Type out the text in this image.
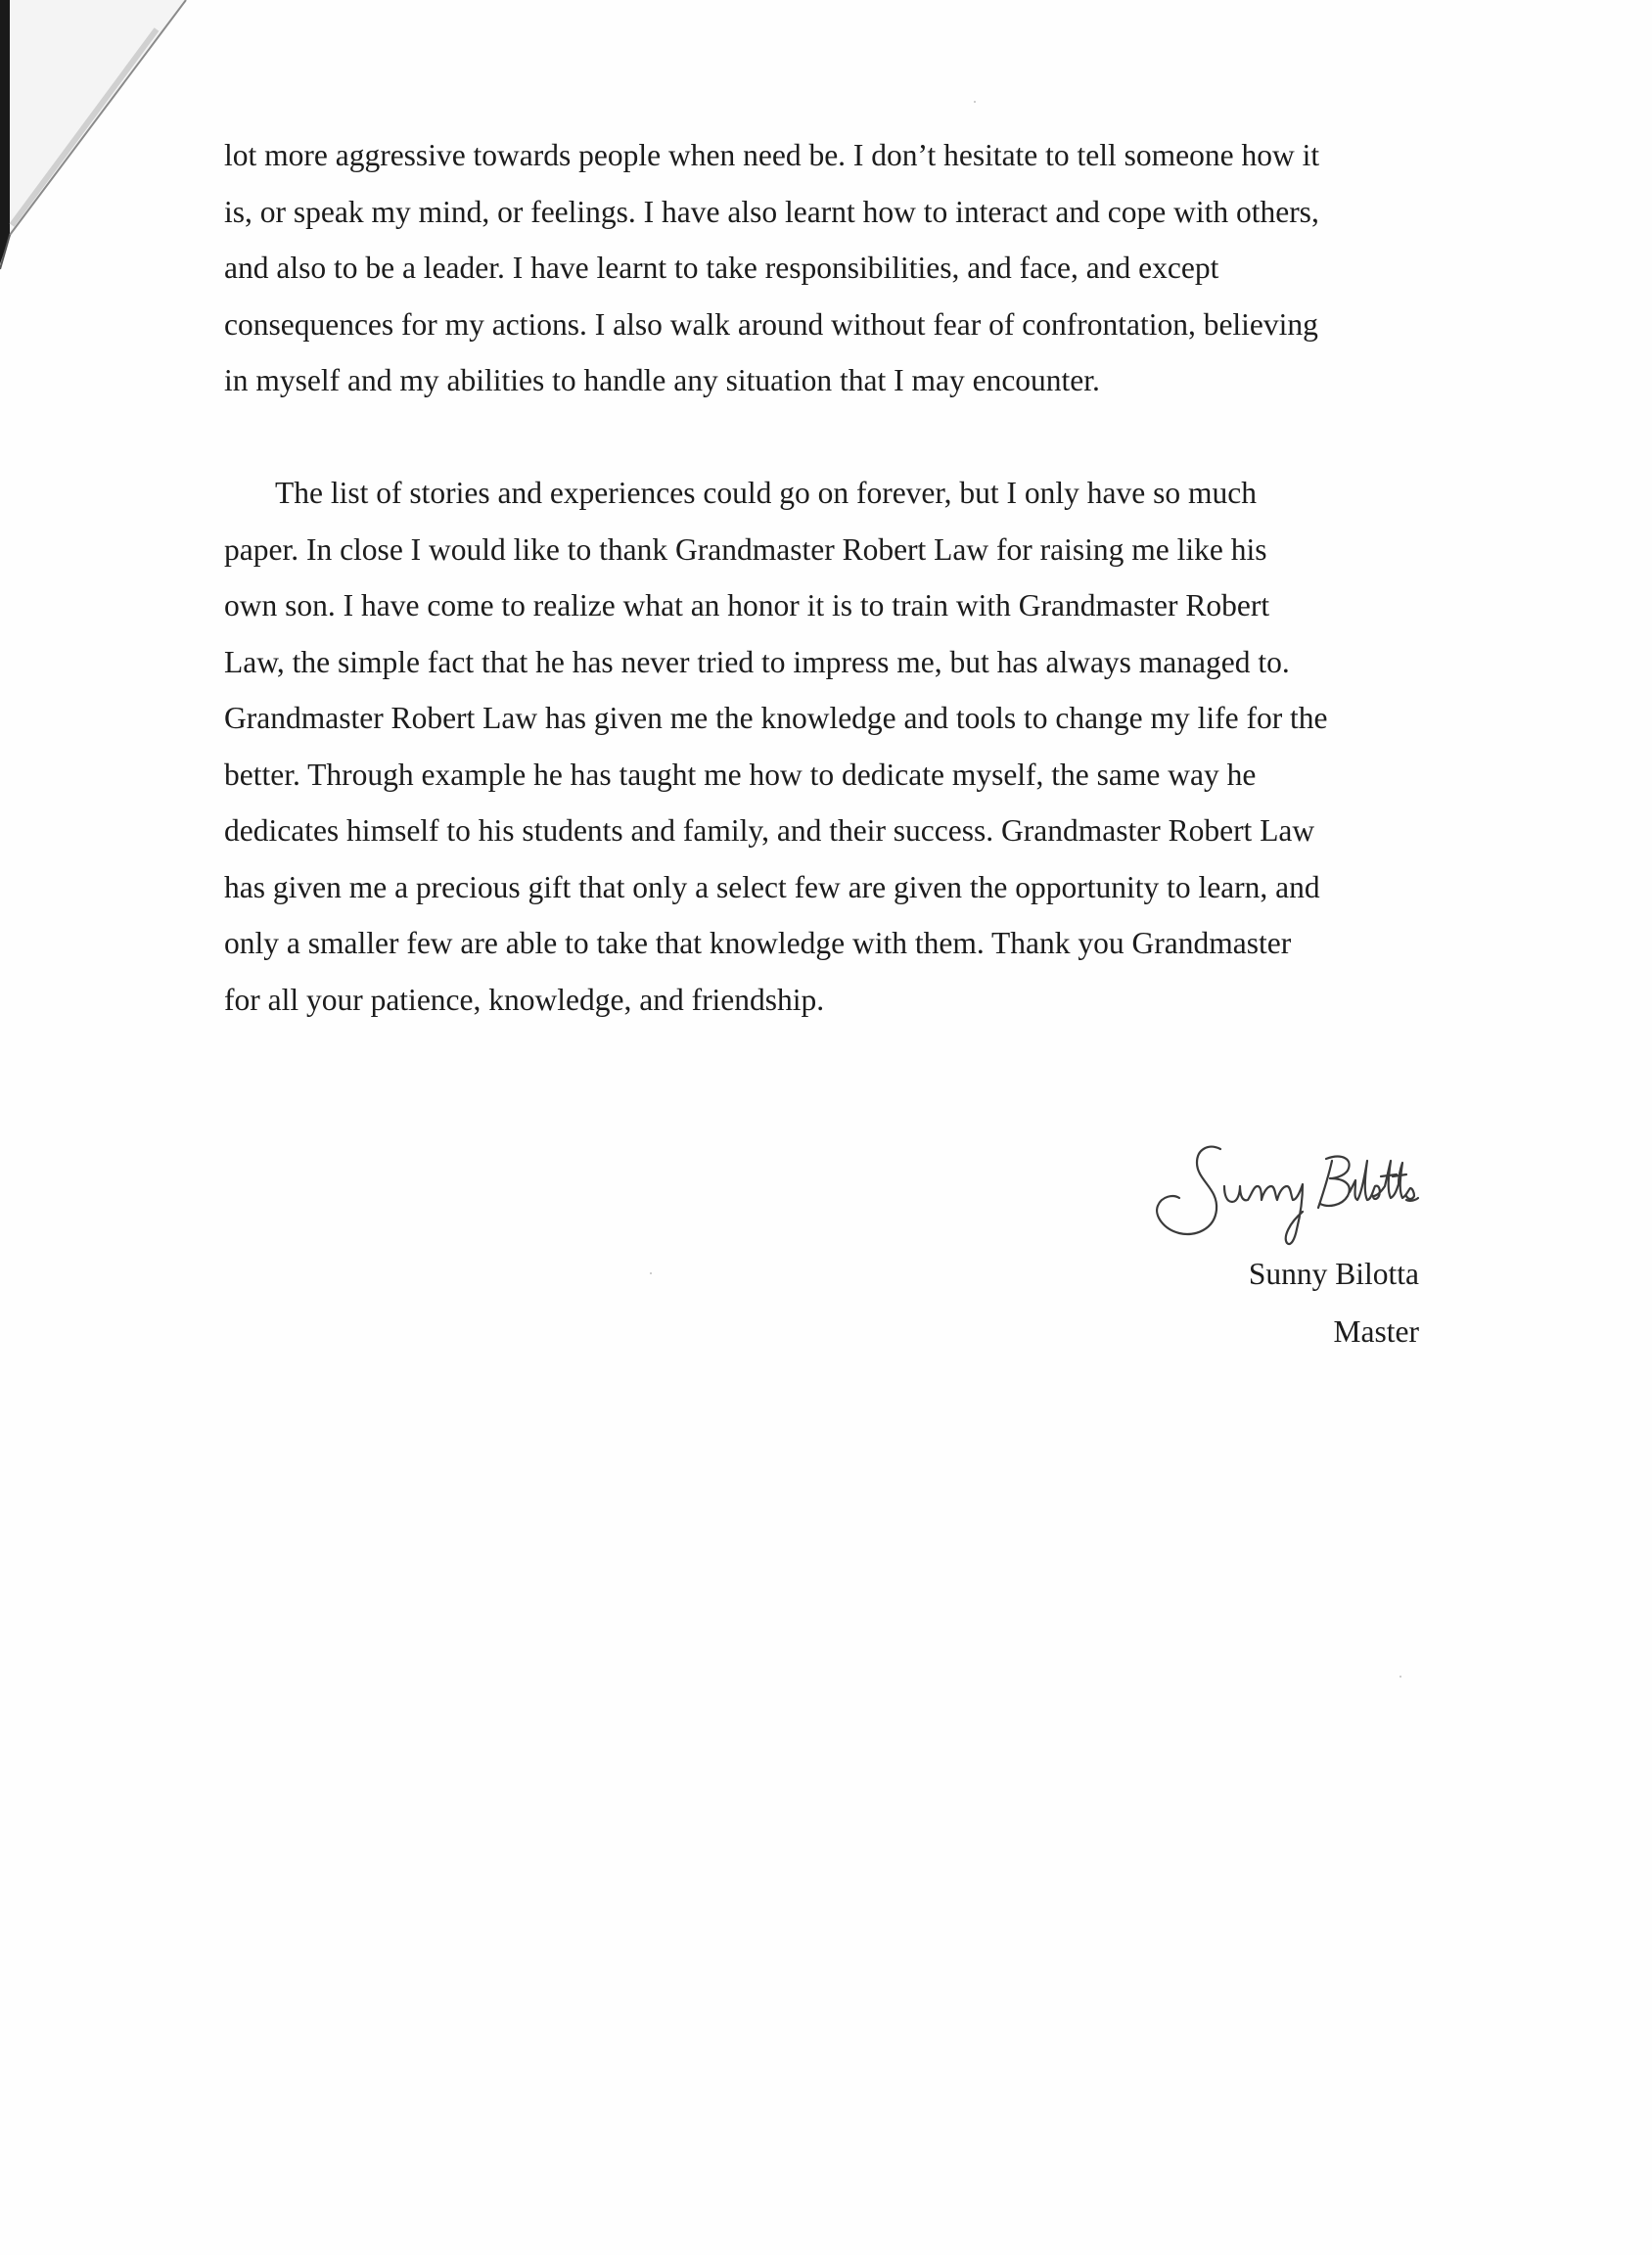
lot more aggressive towards people when need be. I don’t hesitate to tell someone how it
is, or speak my mind, or feelings. I have also learnt how to interact and cope with others,
and also to be a leader. I have learnt to take responsibilities, and face, and except
consequences for my actions. I also walk around without fear of confrontation, believing
in myself and my abilities to handle any situation that I may encounter.

The list of stories and experiences could go on forever, but I only have so much
paper. In close I would like to thank Grandmaster Robert Law for raising me like his
own son. I have come to realize what an honor it is to train with Grandmaster Robert
Law, the simple fact that he has never tried to impress me, but has always managed to.
Grandmaster Robert Law has given me the knowledge and tools to change my life for the
better. Through example he has taught me how to dedicate myself, the same way he
dedicates himself to his students and family, and their success. Grandmaster Robert Law
has given me a precious gift that only a select few are given the opportunity to learn, and
only a smaller few are able to take that knowledge with them. Thank you Grandmaster
for all your patience, knowledge, and friendship.

Sunny Bilotta
Master
